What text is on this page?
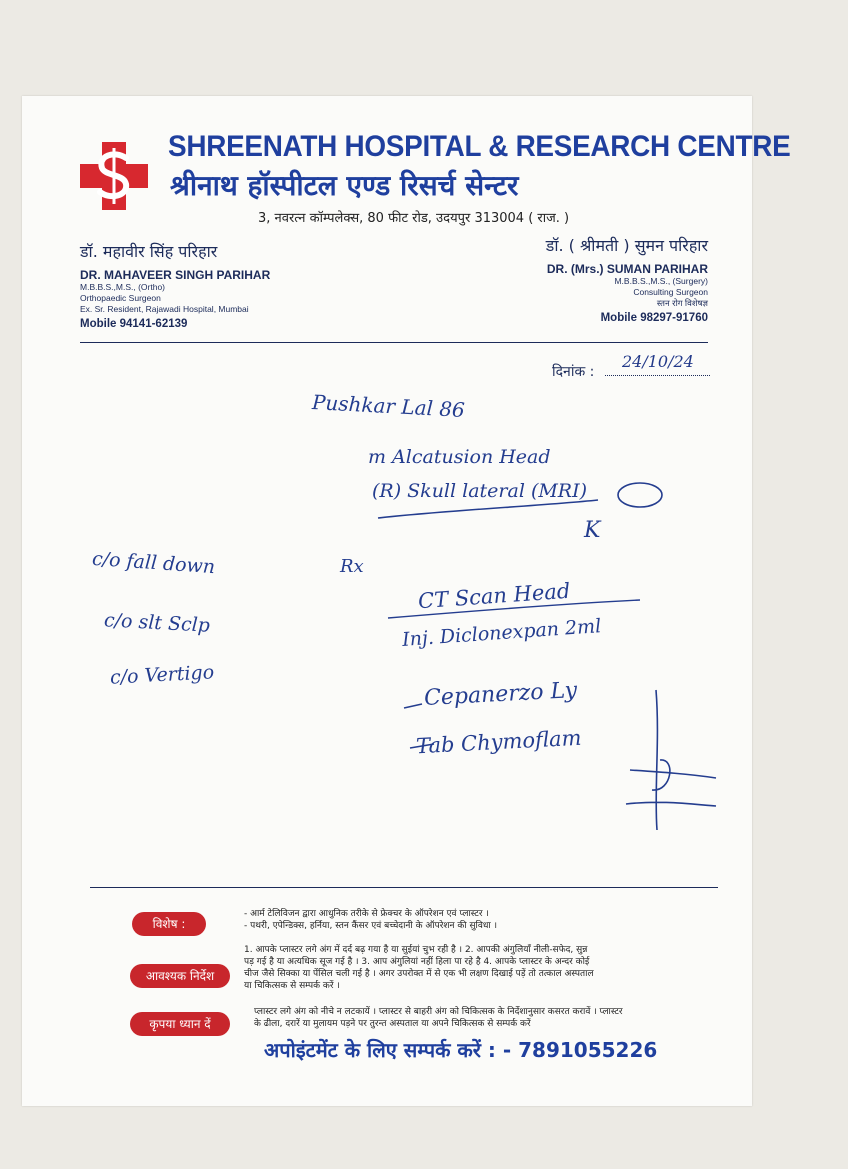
SHREENATH HOSPITAL & RESEARCH CENTRE
श्रीनाथ हॉस्पीटल एण्ड रिसर्च सेन्टर
3, नवरत्न कॉम्पलेक्स, 80 फीट रोड, उदयपुर 313004 ( राज. )
डॉ. महावीर सिंह परिहार
DR. MAHAVEER SINGH PARIHAR
M.B.B.S.,M.S., (Ortho)
Orthopaedic Surgeon
Ex. Sr. Resident, Rajawadi Hospital, Mumbai
Mobile 94141-62139
डॉ. ( श्रीमती ) सुमन परिहार
DR. (Mrs.) SUMAN PARIHAR
M.B.B.S.,M.S., (Surgery)
Consulting Surgeon
स्तन रोग विशेषज्ञ
Mobile 98297-91760
दिनांक :
24/10/24
Pushkar Lal 86
m Alcatusion Head
(R) Skull lateral (MRI)
K
c/o fall down
c/o slt Sclp
c/o Vertigo
Rx
CT Scan Head
Inj. Diclonexpan 2ml
Cepanerzo Ly
Tab Chymoflam
विशेष :
- आर्म टेलिविजन द्वारा आधुनिक तरीके से फ्रेक्चर के ऑपरेशन एवं प्लास्टर ।
- पथरी, एपेन्डिक्स, हर्निया, स्तन कैंसर एवं बच्चेदानी के ऑपरेशन की सुविधा ।
आवश्यक निर्देश
1. आपके प्लास्टर लगे अंग में दर्द बढ़ गया है या सुईयां चुभ रही है । 2. आपकी अंगुलियाँ नीली-सफेद, सुन्न
पड़ गई है या अत्यधिक सूज गई है । 3. आप अंगुलियां नहीं हिला पा रहे है 4. आपके प्लास्टर के अन्दर कोई
चीज जैसे सिक्का या पेंसिल चली गई है । अगर उपरोक्त में से एक भी लक्षण दिखाई पड़ें तो तत्काल अस्पताल
या चिकित्सक से सम्पर्क करें ।
कृपया ध्यान दें
प्लास्टर लगे अंग को नीचे न लटकायें । प्लास्टर से बाहरी अंग को चिकित्सक के निर्देशानुसार कसरत करावें । प्लास्टर
के ढीला, दरारें या मुलायम पड़ने पर तुरन्त अस्पताल या अपने चिकित्सक से सम्पर्क करें
अपोइंटमेंट के लिए सम्पर्क करें : - 7891055226
